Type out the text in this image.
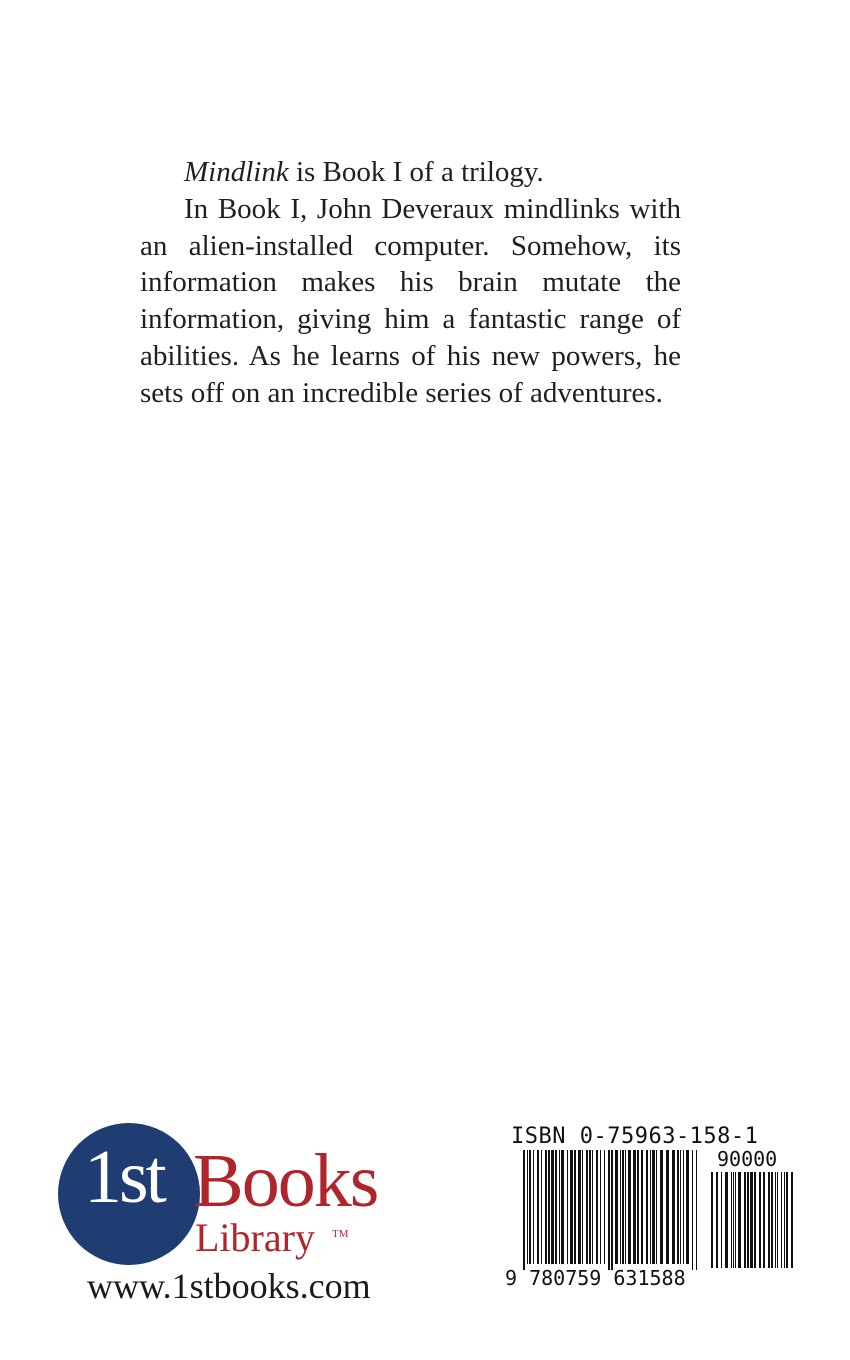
Mindlink is Book I of a trilogy.

In Book I, John Deveraux mindlinks with an alien-installed computer. Somehow, its information makes his brain mutate the information, giving him a fantastic range of abilities. As he learns of his new powers, he sets off on an incredible series of adventures.

1st Books
Library TM
www.1stbooks.com
ISBN 0-75963-158-1
90000
9 780759 631588
